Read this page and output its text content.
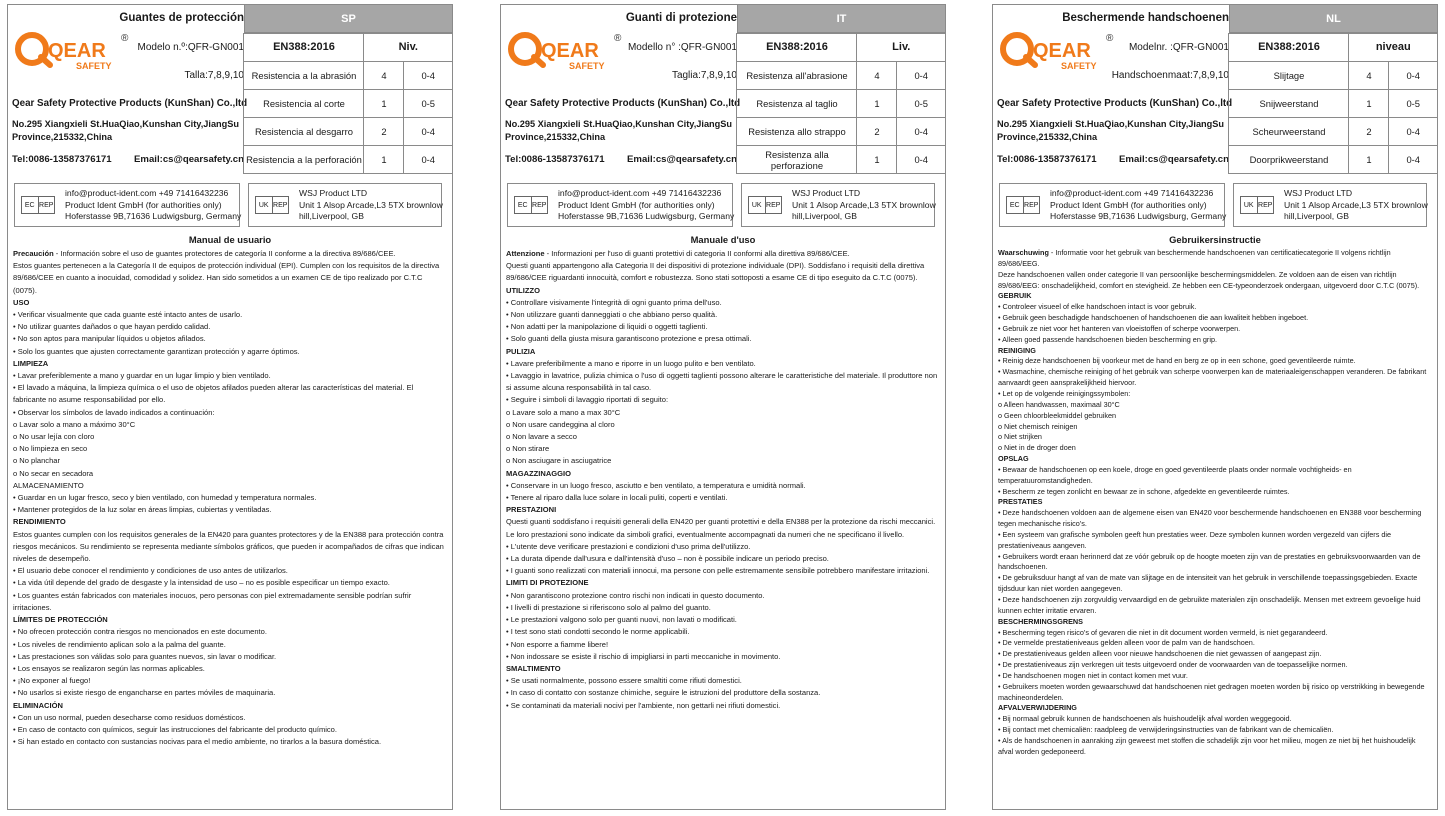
Guantes de protección	SP
QEAR
SAFETY
®
Modelo n.º:QFR-GN001
Talla:7,8,9,10
Qear Safety Protective Products (KunShan) Co.,ltd
No.295 Xiangxieli St.HuaQiao,Kunshan City,JiangSu Province,215332,China
Tel:0086-13587376171 Email:cs@qearsafety.cn
EN388:2016	Niv.	
Resistencia a la abrasión	4	0-4
Resistencia al corte	1	0-5
Resistencia al desgarro	2	0-4
Resistencia a la perforación	1	0-4
EC REP
info@product-ident.com +49 71416432236
Product Ident GmbH (for authorities only)
Hoferstasse 9B,71636 Ludwigsburg, Germany
UK REP
WSJ Product LTD
Unit 1 Alsop Arcade,L3 5TX brownlow
hill,Liverpool, GB
Manual de usuario
Precaución - Información sobre el uso de guantes protectores de categoría II conforme a la directiva 89/686/CEE.
Estos guantes pertenecen a la Categoría II de equipos de protección individual (EPI). Cumplen con los requisitos de la directiva 89/686/CEE en cuanto a inocuidad, comodidad y solidez. Han sido sometidos a un examen CE de tipo realizado por C.T.C (0075).
USO
• Verificar visualmente que cada guante esté intacto antes de usarlo.
• No utilizar guantes dañados o que hayan perdido calidad.
• No son aptos para manipular líquidos u objetos afilados.
• Solo los guantes que ajusten correctamente garantizan protección y agarre óptimos.
LIMPIEZA
• Lavar preferiblemente a mano y guardar en un lugar limpio y bien ventilado.
• El lavado a máquina, la limpieza química o el uso de objetos afilados pueden alterar las características del material. El fabricante no asume responsabilidad por ello.
• Observar los símbolos de lavado indicados a continuación:
o Lavar solo a mano a máximo 30°C
o No usar lejía con cloro
o No limpieza en seco
o No planchar
o No secar en secadora
ALMACENAMIENTO
• Guardar en un lugar fresco, seco y bien ventilado, con humedad y temperatura normales.
• Mantener protegidos de la luz solar en áreas limpias, cubiertas y ventiladas.
RENDIMIENTO
Estos guantes cumplen con los requisitos generales de la EN420 para guantes protectores y de la EN388 para protección contra riesgos mecánicos. Su rendimiento se representa mediante símbolos gráficos, que pueden ir acompañados de cifras que indican niveles de desempeño.
• El usuario debe conocer el rendimiento y condiciones de uso antes de utilizarlos.
• La vida útil depende del grado de desgaste y la intensidad de uso – no es posible especificar un tiempo exacto.
• Los guantes están fabricados con materiales inocuos, pero personas con piel extremadamente sensible podrían sufrir irritaciones.
LÍMITES DE PROTECCIÓN
• No ofrecen protección contra riesgos no mencionados en este documento.
• Los niveles de rendimiento aplican solo a la palma del guante.
• Las prestaciones son válidas solo para guantes nuevos, sin lavar o modificar.
• Los ensayos se realizaron según las normas aplicables.
• ¡No exponer al fuego!
• No usarlos si existe riesgo de engancharse en partes móviles de maquinaria.
ELIMINACIÓN
• Con un uso normal, pueden desecharse como residuos domésticos.
• En caso de contacto con químicos, seguir las instrucciones del fabricante del producto químico.
• Si han estado en contacto con sustancias nocivas para el medio ambiente, no tirarlos a la basura doméstica.
Guanti di protezione	IT
QEAR
SAFETY
®
Modello n° :QFR-GN001
Taglia:7,8,9,10
Qear Safety Protective Products (KunShan) Co.,ltd
No.295 Xiangxieli St.HuaQiao,Kunshan City,JiangSu Province,215332,China
Tel:0086-13587376171 Email:cs@qearsafety.cn
EN388:2016	Liv.	
Resistenza all'abrasione	4	0-4
Resistenza al taglio	1	0-5
Resistenza allo strappo	2	0-4
Resistenza alla perforazione	1	0-4
EC REP
info@product-ident.com +49 71416432236
Product Ident GmbH (for authorities only)
Hoferstasse 9B,71636 Ludwigsburg, Germany
UK REP
WSJ Product LTD
Unit 1 Alsop Arcade,L3 5TX brownlow
hill,Liverpool, GB
Manuale d'uso
Attenzione - Informazioni per l'uso di guanti protettivi di categoria II conformi alla direttiva 89/686/CEE.
Questi guanti appartengono alla Categoria II dei dispositivi di protezione individuale (DPI). Soddisfano i requisiti della direttiva 89/686/CEE riguardanti innocuità, comfort e robustezza. Sono stati sottoposti a esame CE di tipo eseguito da C.T.C (0075).
UTILIZZO
• Controllare visivamente l'integrità di ogni guanto prima dell'uso.
• Non utilizzare guanti danneggiati o che abbiano perso qualità.
• Non adatti per la manipolazione di liquidi o oggetti taglienti.
• Solo guanti della giusta misura garantiscono protezione e presa ottimali.
PULIZIA
• Lavare preferibilmente a mano e riporre in un luogo pulito e ben ventilato.
• Lavaggio in lavatrice, pulizia chimica o l'uso di oggetti taglienti possono alterare le caratteristiche del materiale. Il produttore non si assume alcuna responsabilità in tal caso.
• Seguire i simboli di lavaggio riportati di seguito:
o Lavare solo a mano a max 30°C
o Non usare candeggina al cloro
o Non lavare a secco
o Non stirare
o Non asciugare in asciugatrice
MAGAZZINAGGIO
• Conservare in un luogo fresco, asciutto e ben ventilato, a temperatura e umidità normali.
• Tenere al riparo dalla luce solare in locali puliti, coperti e ventilati.
PRESTAZIONI
Questi guanti soddisfano i requisiti generali della EN420 per guanti protettivi e della EN388 per la protezione da rischi meccanici. Le loro prestazioni sono indicate da simboli grafici, eventualmente accompagnati da numeri che ne specificano il livello.
• L'utente deve verificare prestazioni e condizioni d'uso prima dell'utilizzo.
• La durata dipende dall'usura e dall'intensità d'uso – non è possibile indicare un periodo preciso.
• I guanti sono realizzati con materiali innocui, ma persone con pelle estremamente sensibile potrebbero manifestare irritazioni.
LIMITI DI PROTEZIONE
• Non garantiscono protezione contro rischi non indicati in questo documento.
• I livelli di prestazione si riferiscono solo al palmo del guanto.
• Le prestazioni valgono solo per guanti nuovi, non lavati o modificati.
• I test sono stati condotti secondo le norme applicabili.
• Non esporre a fiamme libere!
• Non indossare se esiste il rischio di impigliarsi in parti meccaniche in movimento.
SMALTIMENTO
• Se usati normalmente, possono essere smaltiti come rifiuti domestici.
• In caso di contatto con sostanze chimiche, seguire le istruzioni del produttore della sostanza.
• Se contaminati da materiali nocivi per l'ambiente, non gettarli nei rifiuti domestici.
Beschermende handschoenen	NL
QEAR
SAFETY
®
Modelnr. :QFR-GN001
Handschoenmaat:7,8,9,10
Qear Safety Protective Products (KunShan) Co.,ltd
No.295 Xiangxieli St.HuaQiao,Kunshan City,JiangSu Province,215332,China
Tel:0086-13587376171 Email:cs@qearsafety.cn
EN388:2016	niveau	
Slijtage	4	0-4
Snijweerstand	1	0-5
Scheurweerstand	2	0-4
Doorprikweerstand	1	0-4
EC REP
info@product-ident.com +49 71416432236
Product Ident GmbH (for authorities only)
Hoferstasse 9B,71636 Ludwigsburg, Germany
UK REP
WSJ Product LTD
Unit 1 Alsop Arcade,L3 5TX brownlow
hill,Liverpool, GB
Gebruikersinstructie
Waarschuwing - Informatie voor het gebruik van beschermende handschoenen van certificatiecategorie II volgens richtlijn 89/686/EEG.
Deze handschoenen vallen onder categorie II van persoonlijke beschermingsmiddelen. Ze voldoen aan de eisen van richtlijn 89/686/EEG: onschadelijkheid, comfort en stevigheid. Ze hebben een CE-typeonderzoek ondergaan, uitgevoerd door C.T.C (0075).
GEBRUIK
• Controleer visueel of elke handschoen intact is voor gebruik.
• Gebruik geen beschadigde handschoenen of handschoenen die aan kwaliteit hebben ingeboet.
• Gebruik ze niet voor het hanteren van vloeistoffen of scherpe voorwerpen.
• Alleen goed passende handschoenen bieden bescherming en grip.
REINIGING
• Reinig deze handschoenen bij voorkeur met de hand en berg ze op in een schone, goed geventileerde ruimte.
• Wasmachine, chemische reiniging of het gebruik van scherpe voorwerpen kan de materiaaleigenschappen veranderen. De fabrikant aanvaardt geen aansprakelijkheid hiervoor.
• Let op de volgende reinigingssymbolen:
o Alleen handwassen, maximaal 30°C
o Geen chloorbleekmiddel gebruiken
o Niet chemisch reinigen
o Niet strijken
o Niet in de droger doen
OPSLAG
• Bewaar de handschoenen op een koele, droge en goed geventileerde plaats onder normale vochtigheids- en temperatuuromstandigheden.
• Bescherm ze tegen zonlicht en bewaar ze in schone, afgedekte en geventileerde ruimtes.
PRESTATIES
• Deze handschoenen voldoen aan de algemene eisen van EN420 voor beschermende handschoenen en EN388 voor bescherming tegen mechanische risico's.
• Een systeem van grafische symbolen geeft hun prestaties weer. Deze symbolen kunnen worden vergezeld van cijfers die prestatieniveaus aangeven.
• Gebruikers wordt eraan herinnerd dat ze vóór gebruik op de hoogte moeten zijn van de prestaties en gebruiksvoorwaarden van de handschoenen.
• De gebruiksduur hangt af van de mate van slijtage en de intensiteit van het gebruik in verschillende toepassingsgebieden. Exacte tijdsduur kan niet worden aangegeven.
• Deze handschoenen zijn zorgvuldig vervaardigd en de gebruikte materialen zijn onschadelijk. Mensen met extreem gevoelige huid kunnen echter irritatie ervaren.
BESCHERMINGSGRENS
• Bescherming tegen risico's of gevaren die niet in dit document worden vermeld, is niet gegarandeerd.
• De vermelde prestatieniveaus gelden alleen voor de palm van de handschoen.
• De prestatieniveaus gelden alleen voor nieuwe handschoenen die niet gewassen of aangepast zijn.
• De prestatieniveaus zijn verkregen uit tests uitgevoerd onder de voorwaarden van de toepasselijke normen.
• De handschoenen mogen niet in contact komen met vuur.
• Gebruikers moeten worden gewaarschuwd dat handschoenen niet gedragen moeten worden bij risico op verstrikking in bewegende machineonderdelen.
AFVALVERWIJDERING
• Bij normaal gebruik kunnen de handschoenen als huishoudelijk afval worden weggegooid.
• Bij contact met chemicaliën: raadpleeg de verwijderingsinstructies van de fabrikant van de chemicaliën.
• Als de handschoenen in aanraking zijn geweest met stoffen die schadelijk zijn voor het milieu, mogen ze niet bij het huishoudelijk afval worden gedeponeerd.
